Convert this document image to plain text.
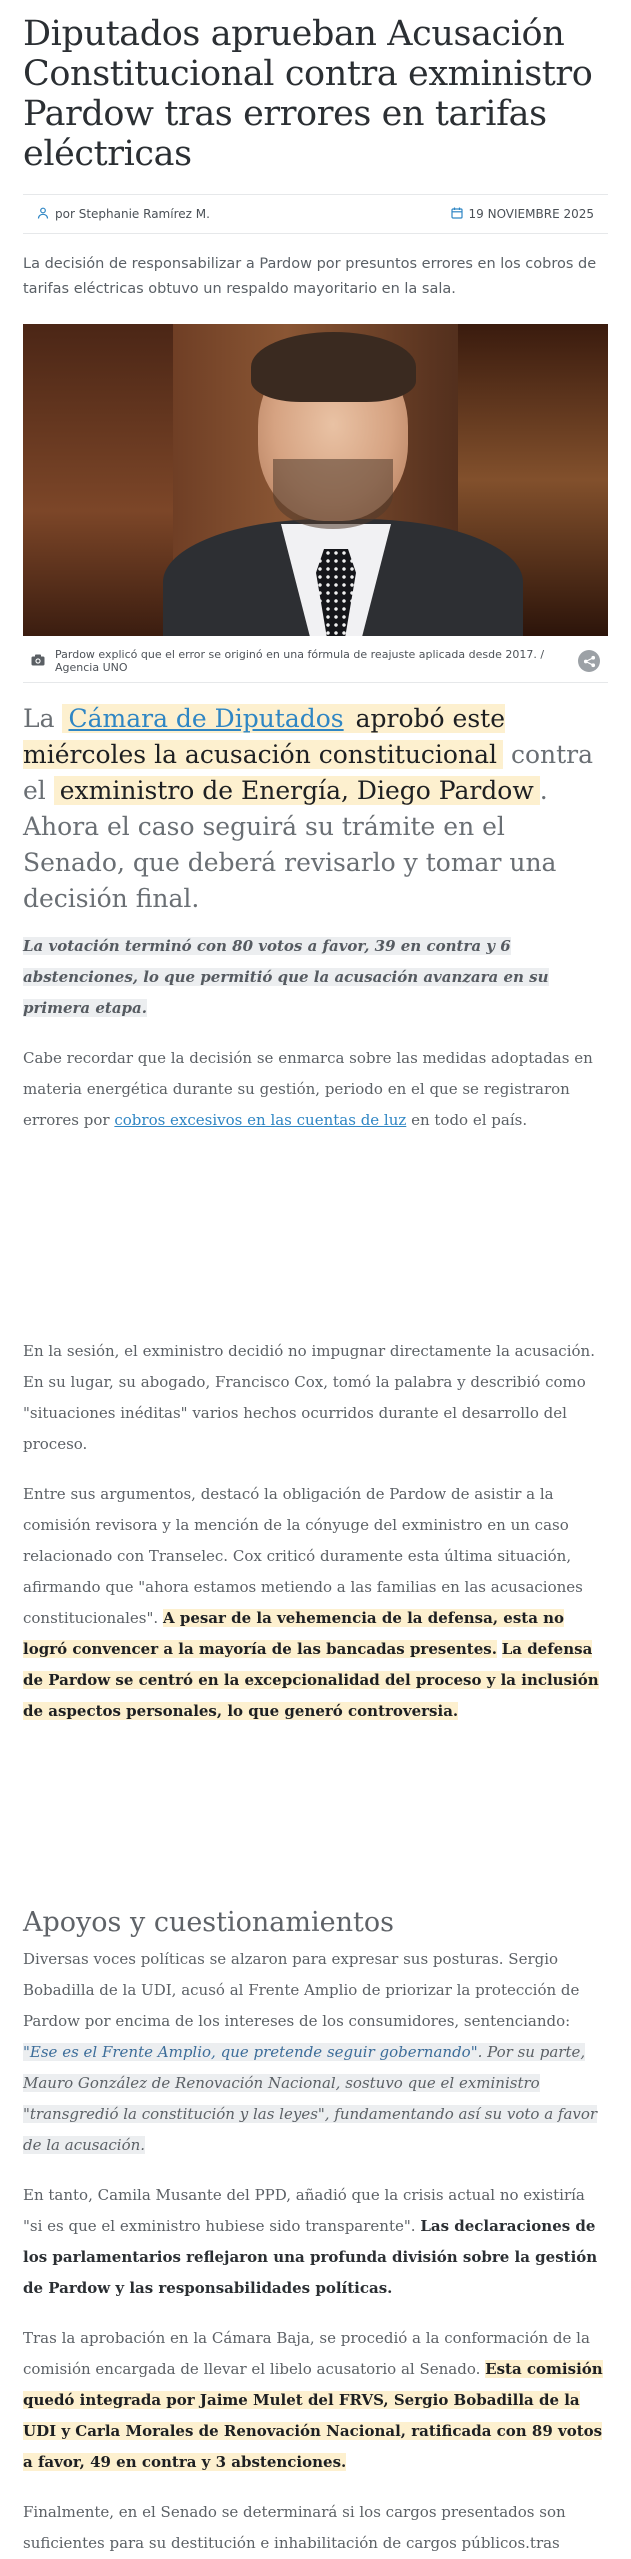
Diputados aprueban Acusación Constitucional contra exministro Pardow tras errores en tarifas eléctricas
por Stephanie Ramírez M.	19 NOVIEMBRE 2025

La decisión de responsabilizar a Pardow por presuntos errores en los cobros de tarifas eléctricas obtuvo un respaldo mayoritario en la sala.

Pardow explicó que el error se originó en una fórmula de reajuste aplicada desde 2017. / Agencia UNO

La Cámara de Diputados aprobó este miércoles la acusación constitucional contra el exministro de Energía, Diego Pardow . Ahora el caso seguirá su trámite en el Senado, que deberá revisarlo y tomar una decisión final.

La votación terminó con 80 votos a favor, 39 en contra y 6 abstenciones, lo que permitió que la acusación avanzara en su primera etapa.

Cabe recordar que la decisión se enmarca sobre las medidas adoptadas en materia energética durante su gestión, periodo en el que se registraron errores por cobros excesivos en las cuentas de luz en todo el país.

En la sesión, el exministro decidió no impugnar directamente la acusación. En su lugar, su abogado, Francisco Cox, tomó la palabra y describió como "situaciones inéditas" varios hechos ocurridos durante el desarrollo del proceso.

Entre sus argumentos, destacó la obligación de Pardow de asistir a la comisión revisora y la mención de la cónyuge del exministro en un caso relacionado con Transelec. Cox criticó duramente esta última situación, afirmando que "ahora estamos metiendo a las familias en las acusaciones constitucionales". A pesar de la vehemencia de la defensa, esta no logró convencer a la mayoría de las bancadas presentes. La defensa de Pardow se centró en la excepcionalidad del proceso y la inclusión de aspectos personales, lo que generó controversia.

Apoyos y cuestionamientos

Diversas voces políticas se alzaron para expresar sus posturas. Sergio Bobadilla de la UDI, acusó al Frente Amplio de priorizar la protección de Pardow por encima de los intereses de los consumidores, sentenciando: "Ese es el Frente Amplio, que pretende seguir gobernando". Por su parte, Mauro González de Renovación Nacional, sostuvo que el exministro "transgredió la constitución y las leyes", fundamentando así su voto a favor de la acusación.

En tanto, Camila Musante del PPD, añadió que la crisis actual no existiría "si es que el exministro hubiese sido transparente". Las declaraciones de los parlamentarios reflejaron una profunda división sobre la gestión de Pardow y las responsabilidades políticas.

Tras la aprobación en la Cámara Baja, se procedió a la conformación de la comisión encargada de llevar el libelo acusatorio al Senado. Esta comisión quedó integrada por Jaime Mulet del FRVS, Sergio Bobadilla de la UDI y Carla Morales de Renovación Nacional, ratificada con 89 votos a favor, 49 en contra y 3 abstenciones.

Finalmente, en el Senado se determinará si los cargos presentados son suficientes para su destitución e inhabilitación de cargos públicos.tras
